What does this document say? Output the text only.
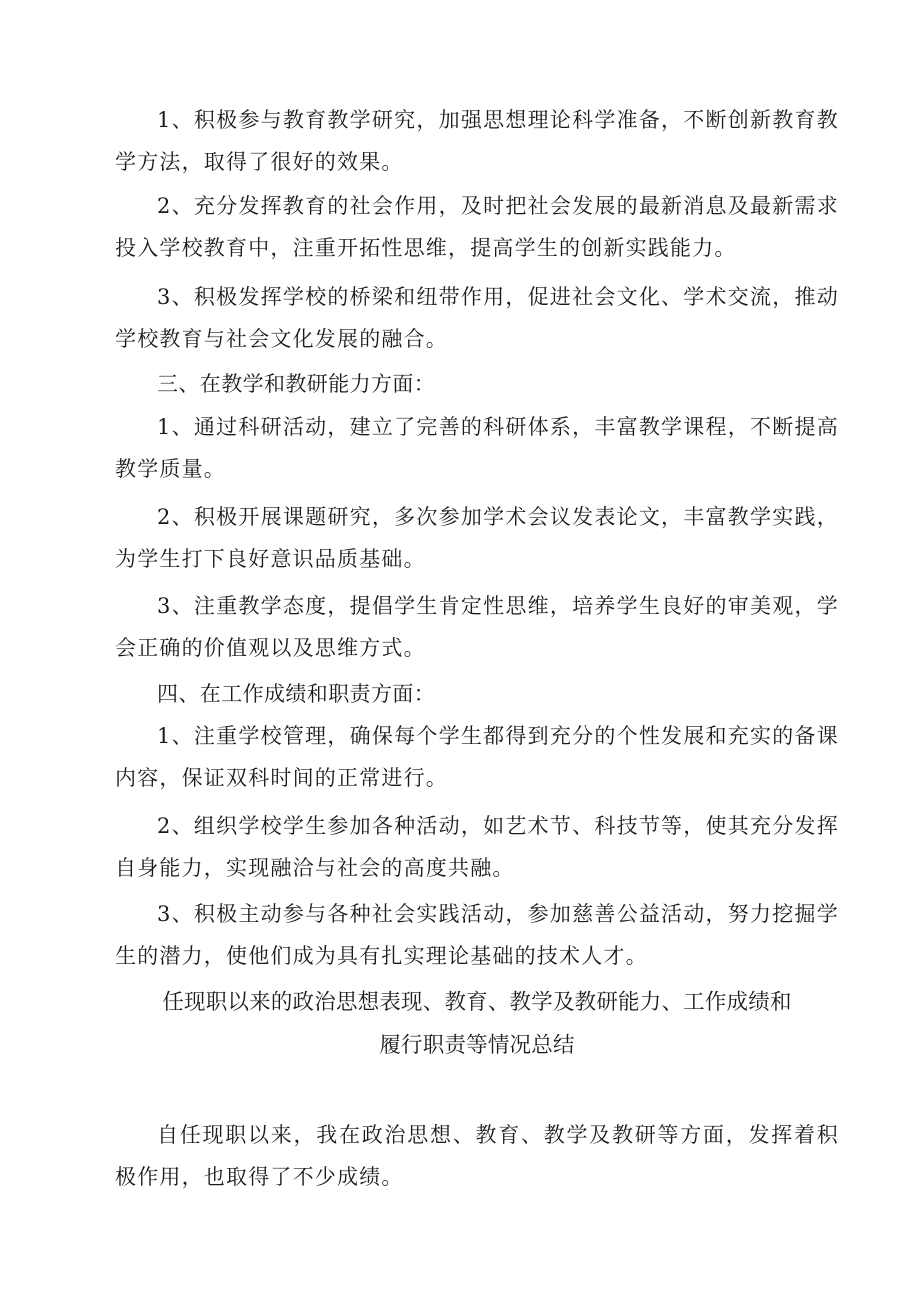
1、积极参与教育教学研究，加强思想理论科学准备，不断创新教育教学方法，取得了很好的效果。

2、充分发挥教育的社会作用，及时把社会发展的最新消息及最新需求投入学校教育中，注重开拓性思维，提高学生的创新实践能力。

3、积极发挥学校的桥梁和纽带作用，促进社会文化、学术交流，推动学校教育与社会文化发展的融合。

三、在教学和教研能力方面：

1、通过科研活动，建立了完善的科研体系，丰富教学课程，不断提高教学质量。

2、积极开展课题研究，多次参加学术会议发表论文，丰富教学实践，为学生打下良好意识品质基础。

3、注重教学态度，提倡学生肯定性思维，培养学生良好的审美观，学会正确的价值观以及思维方式。

四、在工作成绩和职责方面：

1、注重学校管理，确保每个学生都得到充分的个性发展和充实的备课内容，保证双科时间的正常进行。

2、组织学校学生参加各种活动，如艺术节、科技节等，使其充分发挥自身能力，实现融洽与社会的高度共融。

3、积极主动参与各种社会实践活动，参加慈善公益活动，努力挖掘学生的潜力，使他们成为具有扎实理论基础的技术人才。

任现职以来的政治思想表现、教育、教学及教研能力、工作成绩和
履行职责等情况总结

自任现职以来，我在政治思想、教育、教学及教研等方面，发挥着积极作用，也取得了不少成绩。
